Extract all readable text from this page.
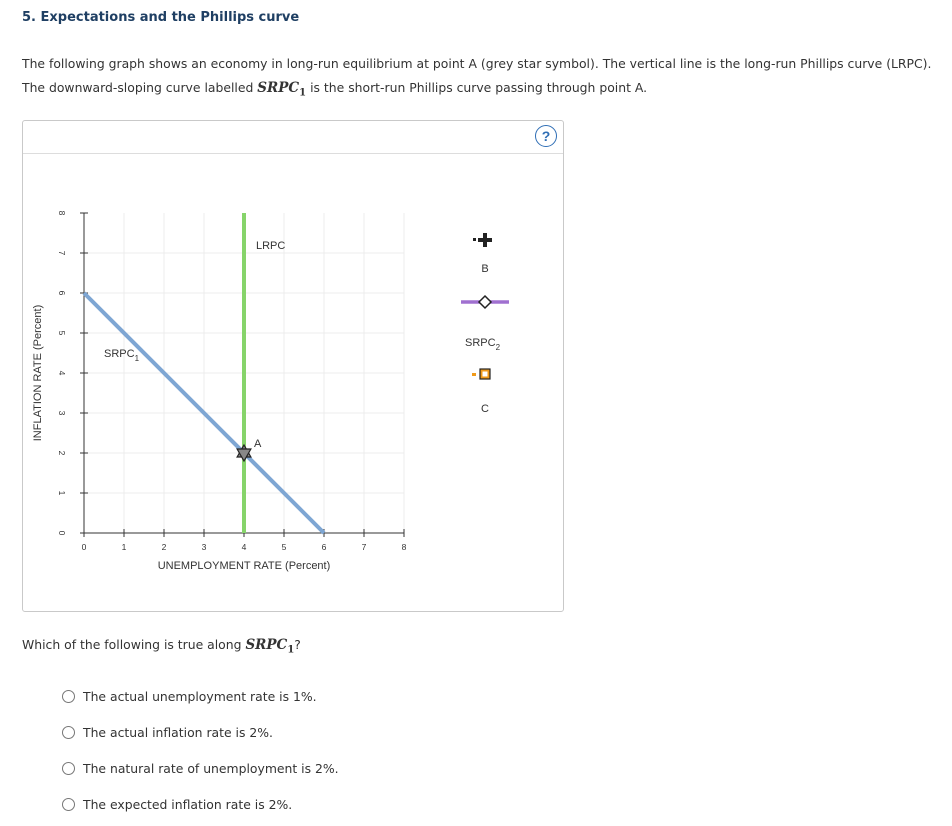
5. Expectations and the Phillips curve
The following graph shows an economy in long-run equilibrium at point A (grey star symbol). The vertical line is the long-run Phillips curve (LRPC).
The downward-sloping curve labelled $SRPC_1$ is the short-run Phillips curve passing through point A.
?
0	1	2	3	4	5	6	7	8
0
1
2
3
4
5
6
7
8
UNEMPLOYMENT RATE (Percent)
INFLATION RATE (Percent)
LRPC
$SRPC_1$
A
B
$SRPC_2$
C
Which of the following is true along $SRPC_1$?
The actual unemployment rate is 1%.
The actual inflation rate is 2%.
The natural rate of unemployment is 2%.
The expected inflation rate is 2%.
